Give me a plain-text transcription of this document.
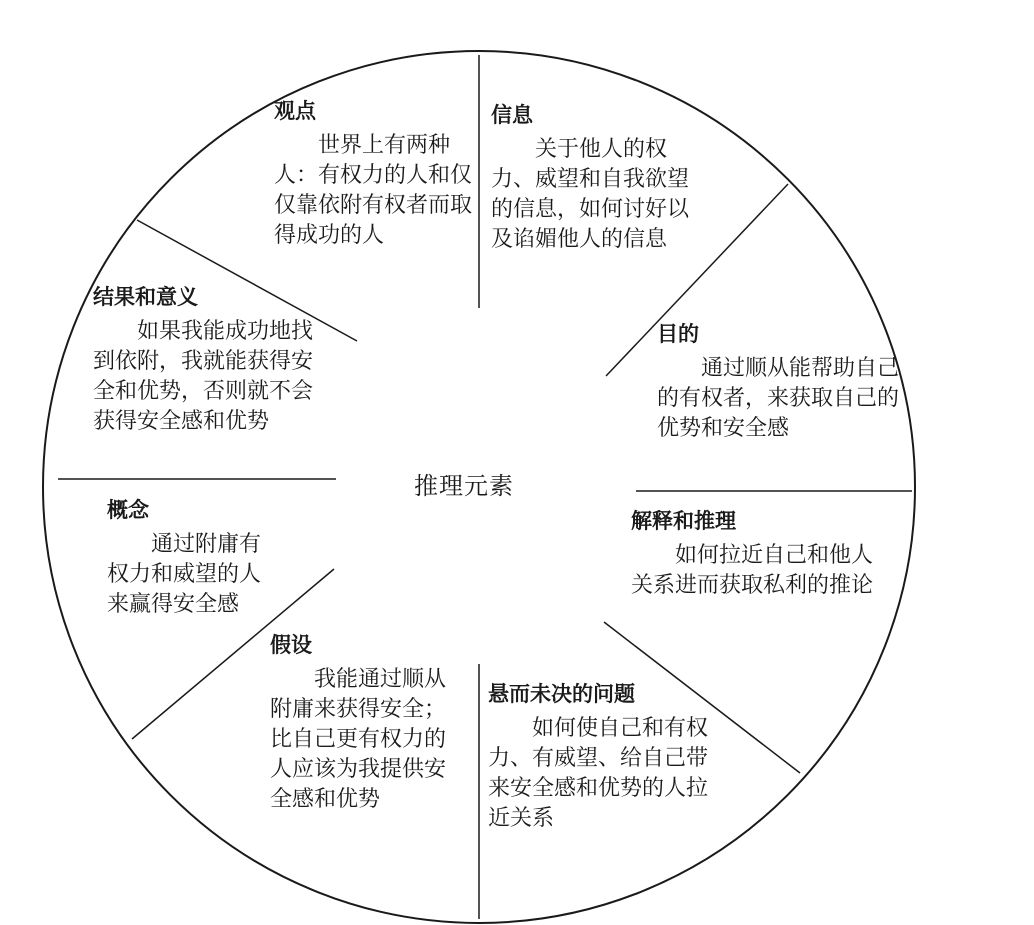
推理元素
观点

世界上有两种人：有权力的人和仅仅靠依附有权者而取得成功的人

信息

关于他人的权力、威望和自我欲望的信息，如何讨好以及谄媚他人的信息

目的

通过顺从能帮助自己的有权者，来获取自己的优势和安全感

解释和推理

如何拉近自己和他人关系进而获取私利的推论

悬而未决的问题

如何使自己和有权力、有威望、给自己带来安全感和优势的人拉近关系

假设

我能通过顺从附庸来获得安全；比自己更有权力的人应该为我提供安全感和优势

概念

通过附庸有权力和威望的人来赢得安全感

结果和意义

如果我能成功地找到依附，我就能获得安全和优势，否则就不会获得安全感和优势
